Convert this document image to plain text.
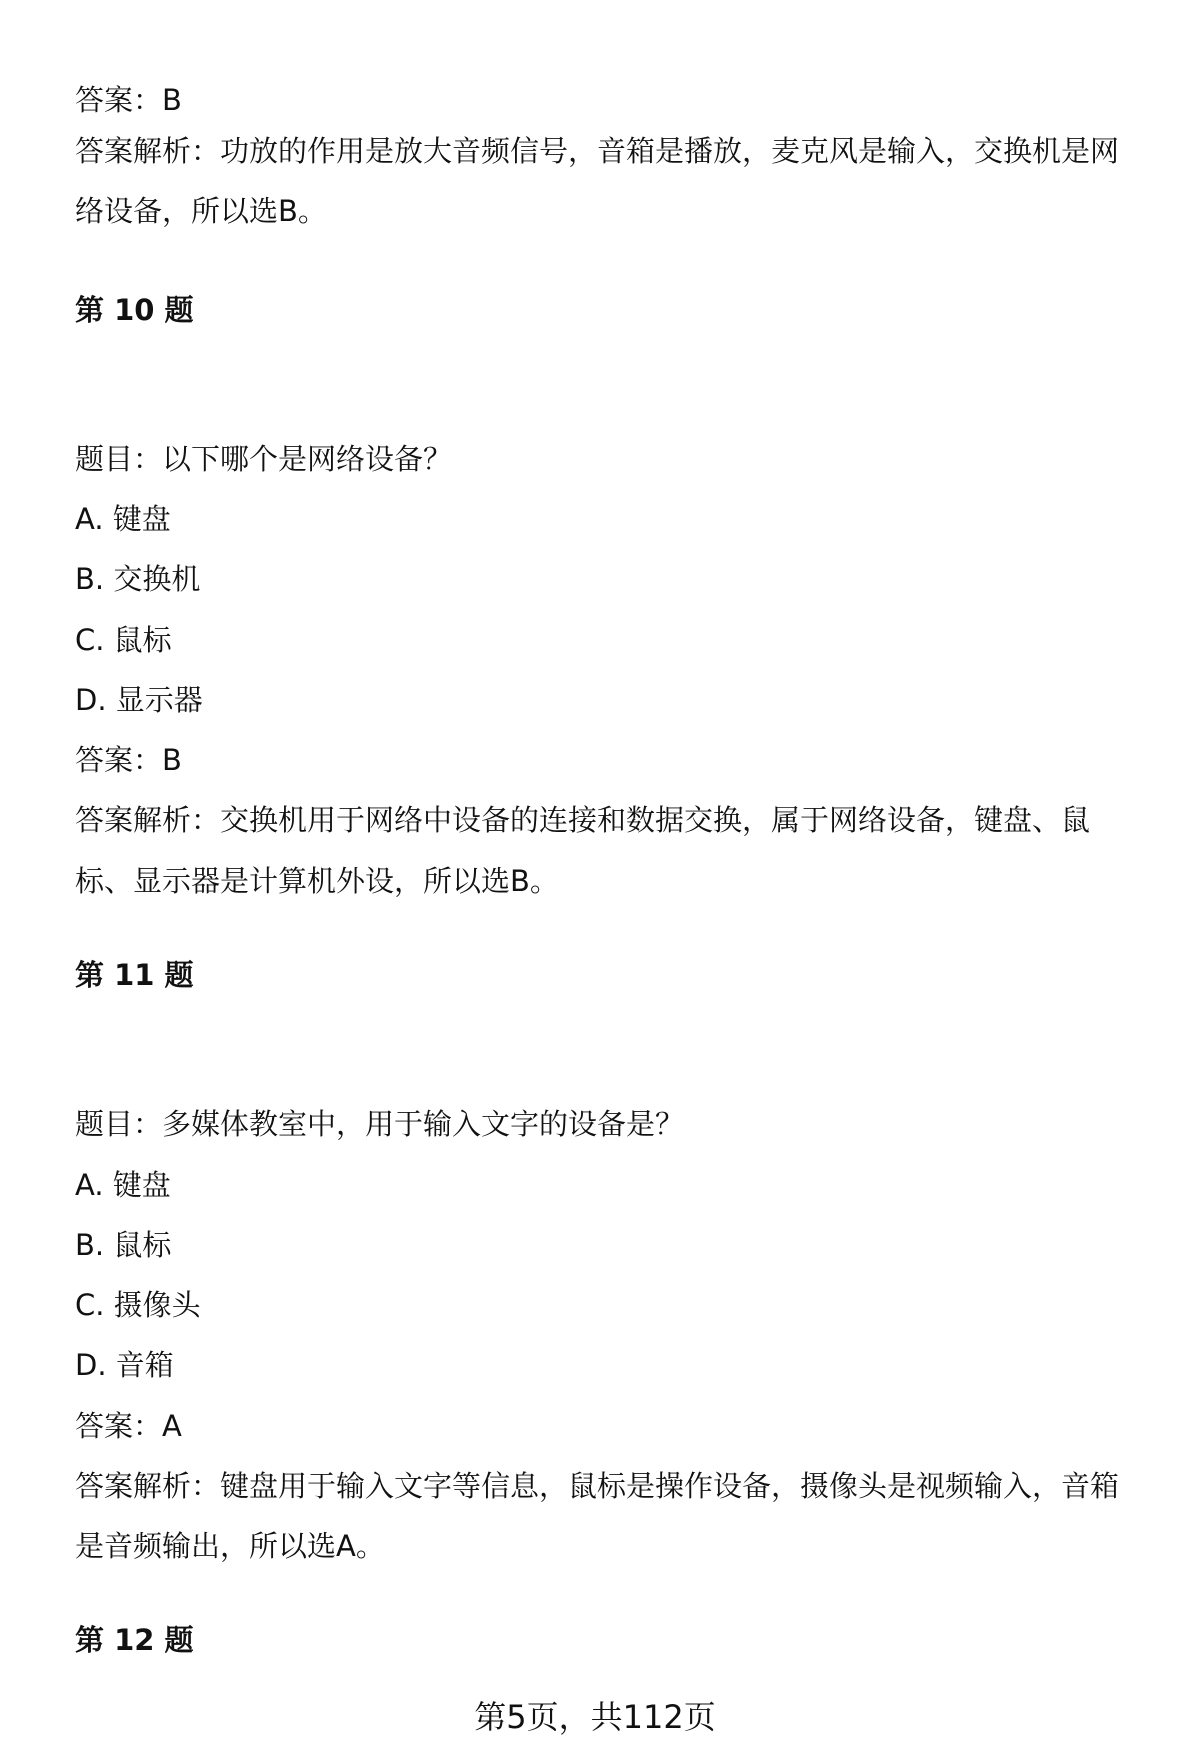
答案：B
答案解析：功放的作用是放大音频信号，音箱是播放，麦克风是输入，交换机是网
络设备，所以选B。
第 10 题
题目：以下哪个是网络设备？
A. 键盘
B. 交换机
C. 鼠标
D. 显示器
答案：B
答案解析：交换机用于网络中设备的连接和数据交换，属于网络设备，键盘、鼠
标、显示器是计算机外设，所以选B。
第 11 题
题目：多媒体教室中，用于输入文字的设备是？
A. 键盘
B. 鼠标
C. 摄像头
D. 音箱
答案：A
答案解析：键盘用于输入文字等信息，鼠标是操作设备，摄像头是视频输入，音箱
是音频输出，所以选A。
第 12 题
第5页，共112页
